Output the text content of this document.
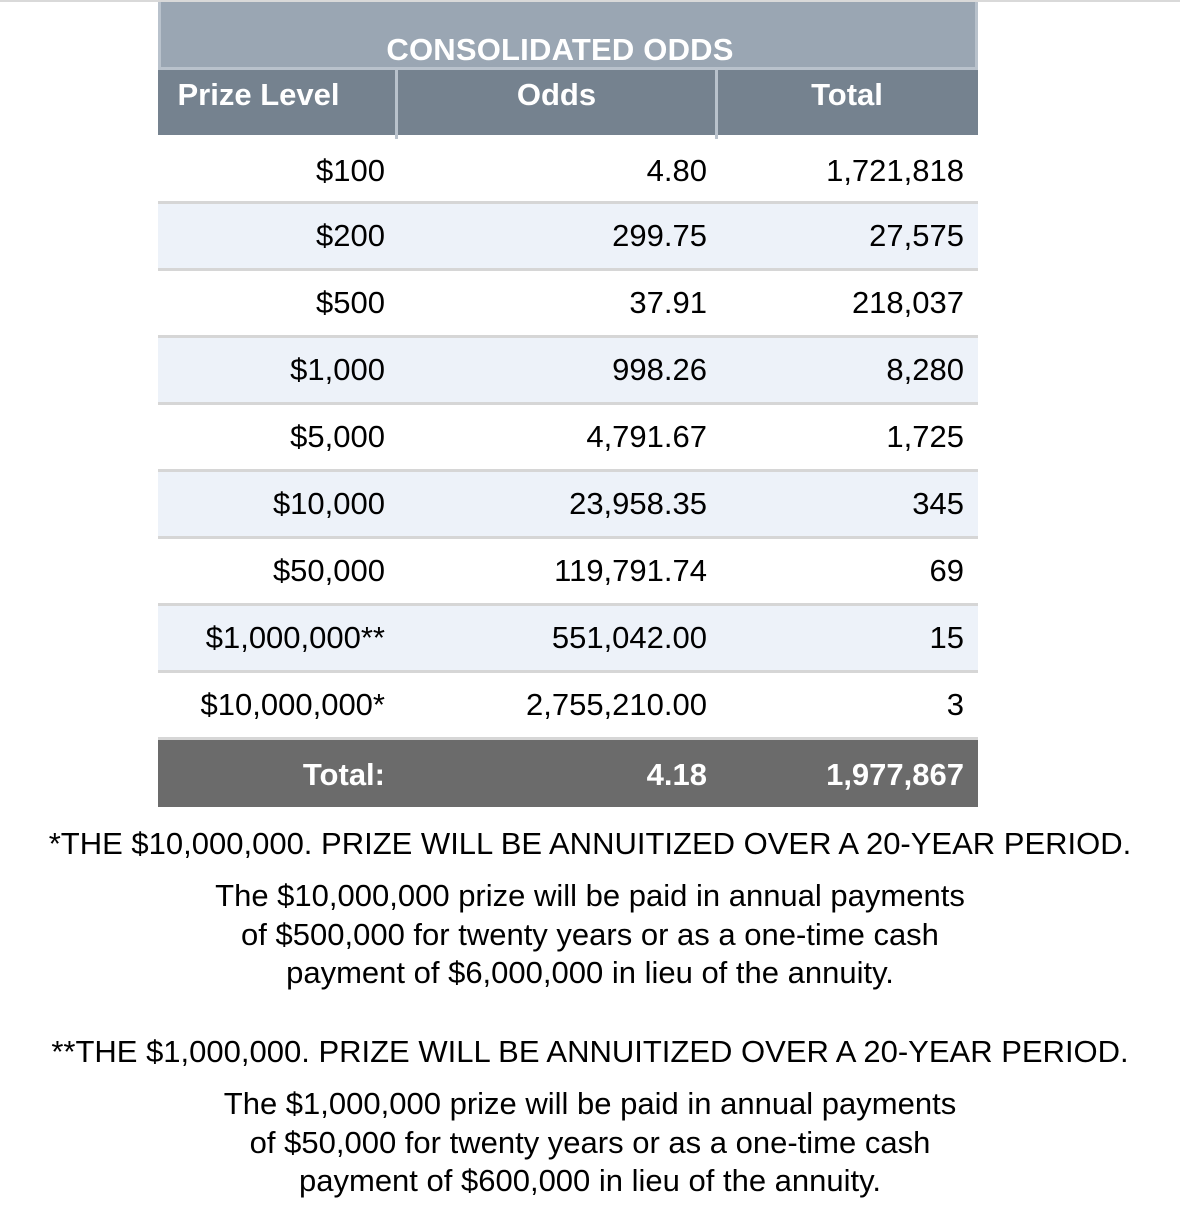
CONSOLIDATED ODDS
Prize Level	Odds	Total
$100	4.80	1,721,818
$200	299.75	27,575
$500	37.91	218,037
$1,000	998.26	8,280
$5,000	4,791.67	1,725
$10,000	23,958.35	345
$50,000	119,791.74	69
$1,000,000**	551,042.00	15
$10,000,000*	2,755,210.00	3
Total:	4.18	1,977,867
*THE $10,000,000. PRIZE WILL BE ANNUITIZED OVER A 20-YEAR PERIOD.
The $10,000,000 prize will be paid in annual payments
of $500,000 for twenty years or as a one-time cash
payment of $6,000,000 in lieu of the annuity.
**THE $1,000,000. PRIZE WILL BE ANNUITIZED OVER A 20-YEAR PERIOD.
The $1,000,000 prize will be paid in annual payments
of $50,000 for twenty years or as a one-time cash
payment of $600,000 in lieu of the annuity.
